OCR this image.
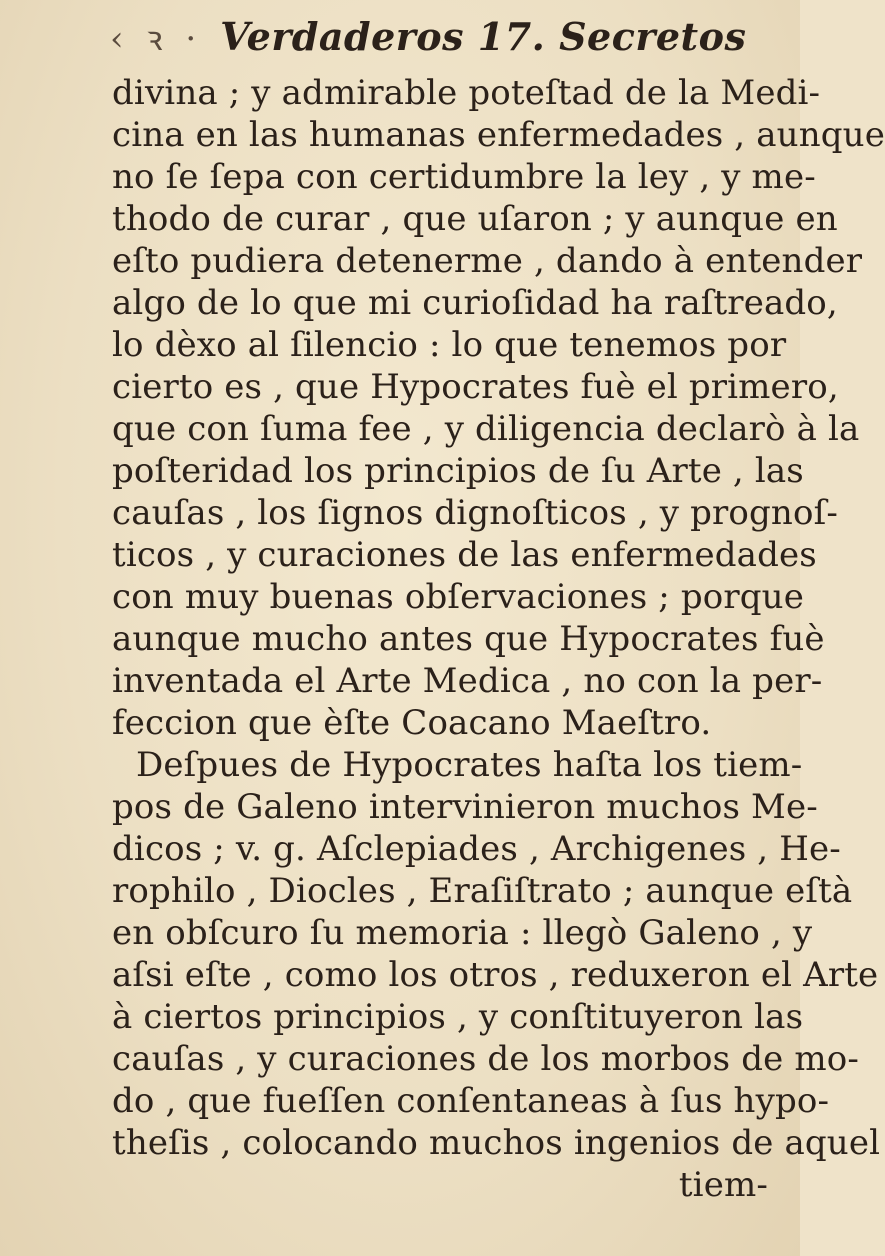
‹ ꝛ · Verdaderos 17. Secretos
divina ; y admirable poteſtad de la Medi-
cina en las humanas enfermedades , aunque
no ſe ſepa con certidumbre la ley , y me-
thodo de curar , que uſaron ; y aunque en
eſto pudiera detenerme , dando à entender
algo de lo que mi curioſidad ha raſtreado,
lo dèxo al ſilencio : lo que tenemos por
cierto es , que Hypocrates fuè el primero,
que con ſuma fee , y diligencia declarò à la
poſteridad los principios de ſu Arte , las
cauſas , los ſignos dignoſticos , y prognoſ-
ticos , y curaciones de las enfermedades
con muy buenas obſervaciones ; porque
aunque mucho antes que Hypocrates fuè
inventada el Arte Medica , no con la per-
feccion que èſte Coacano Maeſtro.
Deſpues de Hypocrates haſta los tiem-
pos de Galeno intervinieron muchos Me-
dicos ; v. g. Aſclepiades , Archigenes , He-
rophilo , Diocles , Eraſiſtrato ; aunque eſtà
en obſcuro ſu memoria : llegò Galeno , y
aſsi eſte , como los otros , reduxeron el Arte
à ciertos principios , y conſtituyeron las
cauſas , y curaciones de los morbos de mo-
do , que fueſſen conſentaneas à ſus hypo-
theſis , colocando muchos ingenios de aquel
tiem-
